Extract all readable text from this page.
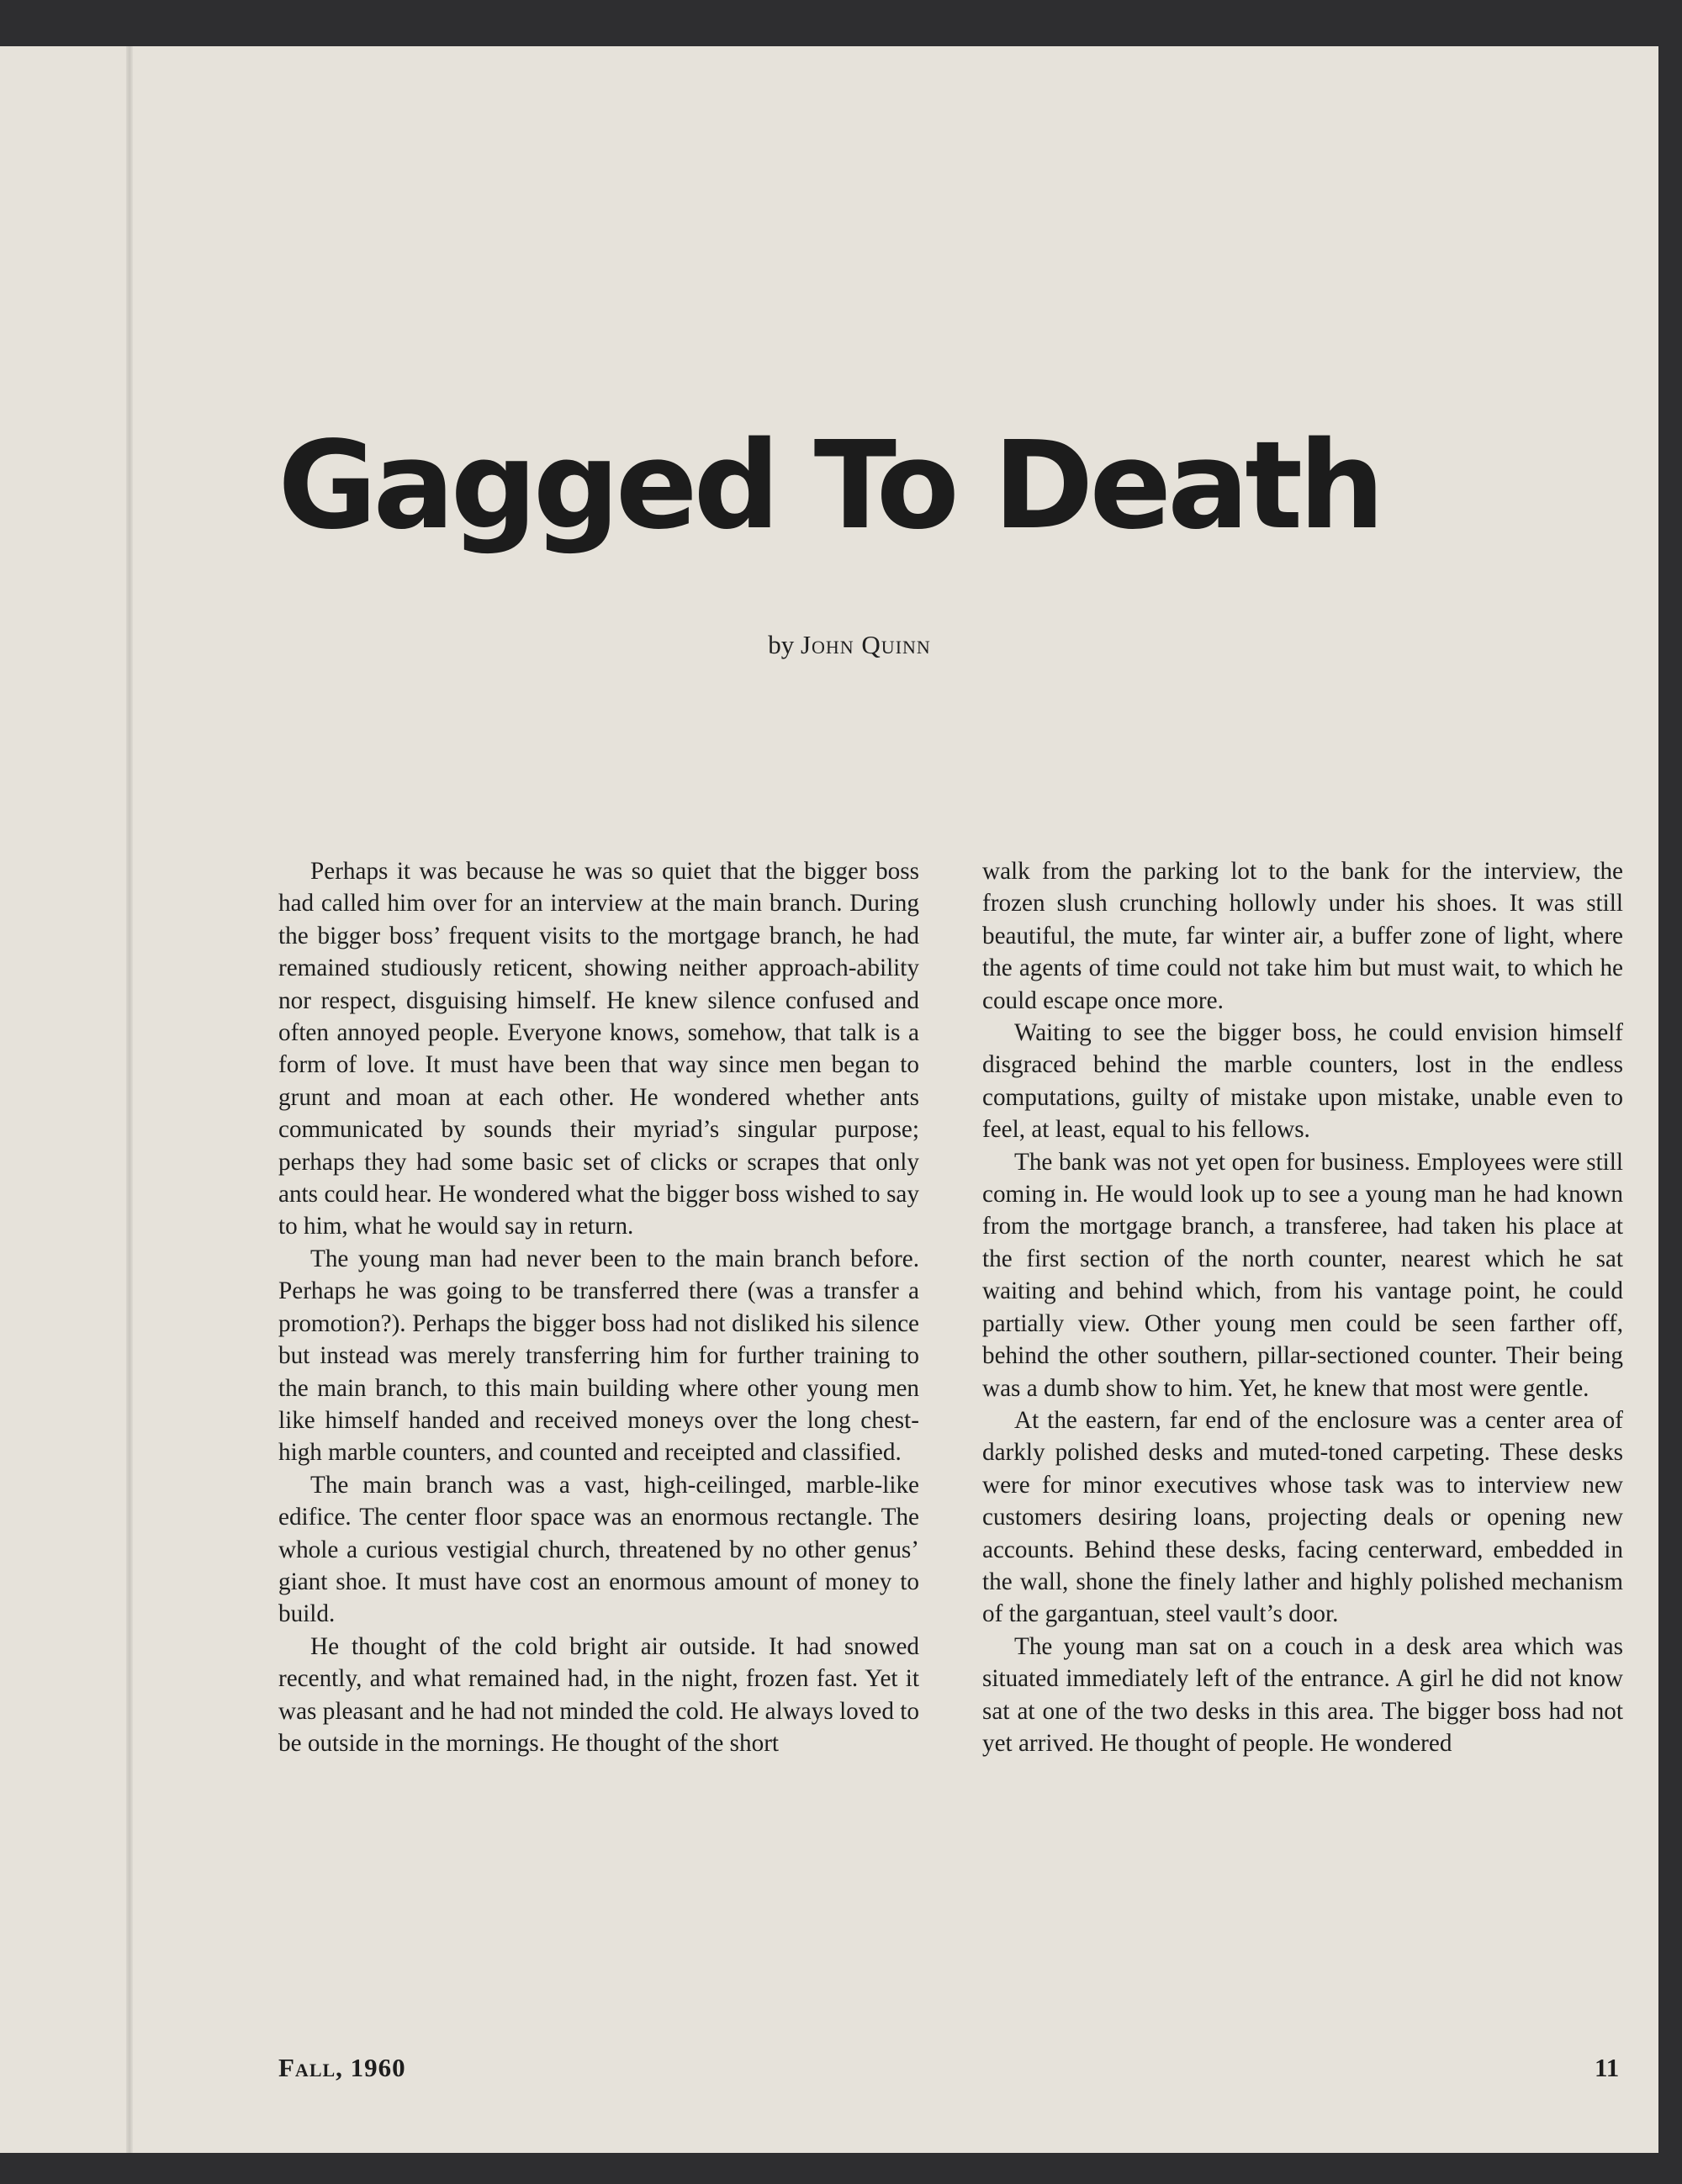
Gagged To Death
by John Quinn

Perhaps it was because he was so quiet that the bigger boss had called him over for an interview at the main branch. During the bigger boss’ frequent visits to the mortgage branch, he had remained studiously reticent, showing neither approach-ability nor respect, disguising himself. He knew silence confused and often annoyed people. Everyone knows, somehow, that talk is a form of love. It must have been that way since men began to grunt and moan at each other. He wondered whether ants communicated by sounds their myriad’s singular purpose; perhaps they had some basic set of clicks or scrapes that only ants could hear. He wondered what the bigger boss wished to say to him, what he would say in return.

The young man had never been to the main branch before. Perhaps he was going to be transferred there (was a transfer a promotion?). Perhaps the bigger boss had not disliked his silence but instead was merely transferring him for further training to the main branch, to this main building where other young men like himself handed and received moneys over the long chest-high marble counters, and counted and receipted and classified.

The main branch was a vast, high-ceilinged, marble-like edifice. The center floor space was an enormous rectangle. The whole a curious vestigial church, threatened by no other genus’ giant shoe. It must have cost an enormous amount of money to build.

He thought of the cold bright air outside. It had snowed recently, and what remained had, in the night, frozen fast. Yet it was pleasant and he had not minded the cold. He always loved to be outside in the mornings. He thought of the short

walk from the parking lot to the bank for the interview, the frozen slush crunching hollowly under his shoes. It was still beautiful, the mute, far winter air, a buffer zone of light, where the agents of time could not take him but must wait, to which he could escape once more.

Waiting to see the bigger boss, he could envision himself disgraced behind the marble counters, lost in the endless computations, guilty of mistake upon mistake, unable even to feel, at least, equal to his fellows.

The bank was not yet open for business. Employees were still coming in. He would look up to see a young man he had known from the mortgage branch, a transferee, had taken his place at the first section of the north counter, nearest which he sat waiting and behind which, from his vantage point, he could partially view. Other young men could be seen farther off, behind the other southern, pillar-sectioned counter. Their being was a dumb show to him. Yet, he knew that most were gentle.

At the eastern, far end of the enclosure was a center area of darkly polished desks and muted-toned carpeting. These desks were for minor executives whose task was to interview new customers desiring loans, projecting deals or opening new accounts. Behind these desks, facing centerward, embedded in the wall, shone the finely lather and highly polished mechanism of the gargantuan, steel vault’s door.

The young man sat on a couch in a desk area which was situated immediately left of the entrance. A girl he did not know sat at one of the two desks in this area. The bigger boss had not yet arrived. He thought of people. He wondered

Fall, 1960	11
